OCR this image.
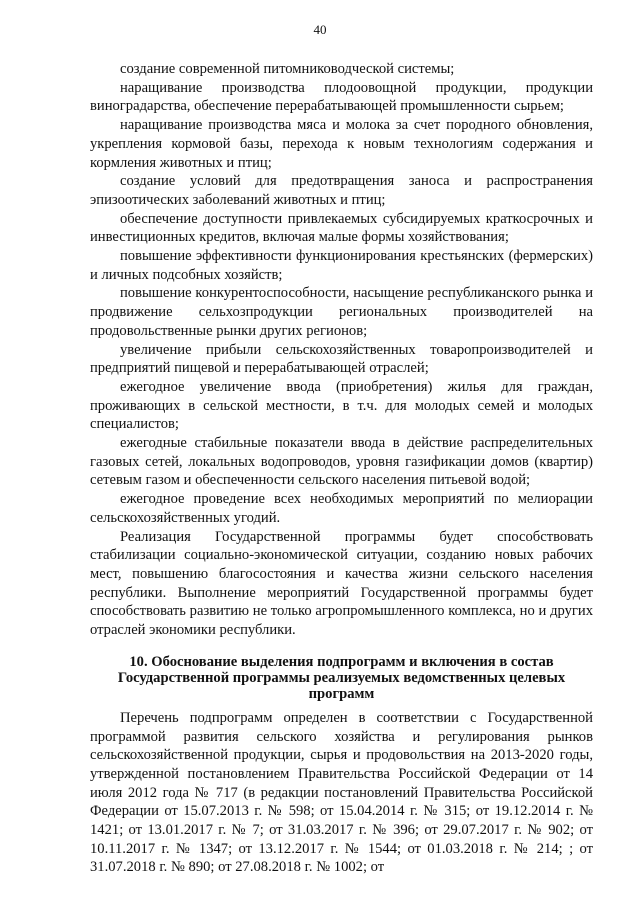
40

создание современной питомниководческой системы;

наращивание производства плодоовощной продукции, продукции виноградарства, обеспечение перерабатывающей промышленности сырьем;

наращивание производства мяса и молока за счет породного обновления, укрепления кормовой базы, перехода к новым технологиям содержания и кормления животных и птиц;

создание условий для предотвращения заноса и распространения эпизоотических заболеваний животных и птиц;

обеспечение доступности привлекаемых субсидируемых краткосрочных и инвестиционных кредитов, включая малые формы хозяйствования;

повышение эффективности функционирования крестьянских (фермерских) и личных подсобных хозяйств;

повышение конкурентоспособности, насыщение республиканского рынка и продвижение сельхозпродукции региональных производителей на продовольственные рынки других регионов;

увеличение прибыли сельскохозяйственных товаропроизводителей и предприятий пищевой и перерабатывающей отраслей;

ежегодное увеличение ввода (приобретения) жилья для граждан, проживающих в сельской местности, в т.ч. для молодых семей и молодых специалистов;

ежегодные стабильные показатели ввода в действие распределительных газовых сетей, локальных водопроводов, уровня газификации домов (квартир) сетевым газом и обеспеченности сельского населения питьевой водой;

ежегодное проведение всех необходимых мероприятий по мелиорации сельскохозяйственных угодий.

Реализация Государственной программы будет способствовать стабилизации социально-экономической ситуации, созданию новых рабочих мест, повышению благосостояния и качества жизни сельского населения республики. Выполнение мероприятий Государственной программы будет способствовать развитию не только агропромышленного комплекса, но и других отраслей экономики республики.

10. Обоснование выделения подпрограмм и включения в состав Государственной программы реализуемых ведомственных целевых программ

Перечень подпрограмм определен в соответствии с Государственной программой развития сельского хозяйства и регулирования рынков сельскохозяйственной продукции, сырья и продовольствия на 2013-2020 годы, утвержденной постановлением Правительства Российской Федерации от 14 июля 2012 года № 717 (в редакции постановлений Правительства Российской Федерации от 15.07.2013 г. № 598; от 15.04.2014 г. № 315; от 19.12.2014 г. № 1421; от 13.01.2017 г. № 7; от 31.03.2017 г. № 396; от 29.07.2017 г. № 902; от 10.11.2017 г. № 1347; от 13.12.2017 г. № 1544; от 01.03.2018 г. № 214; ; от 31.07.2018 г. № 890; от 27.08.2018 г. № 1002; от
